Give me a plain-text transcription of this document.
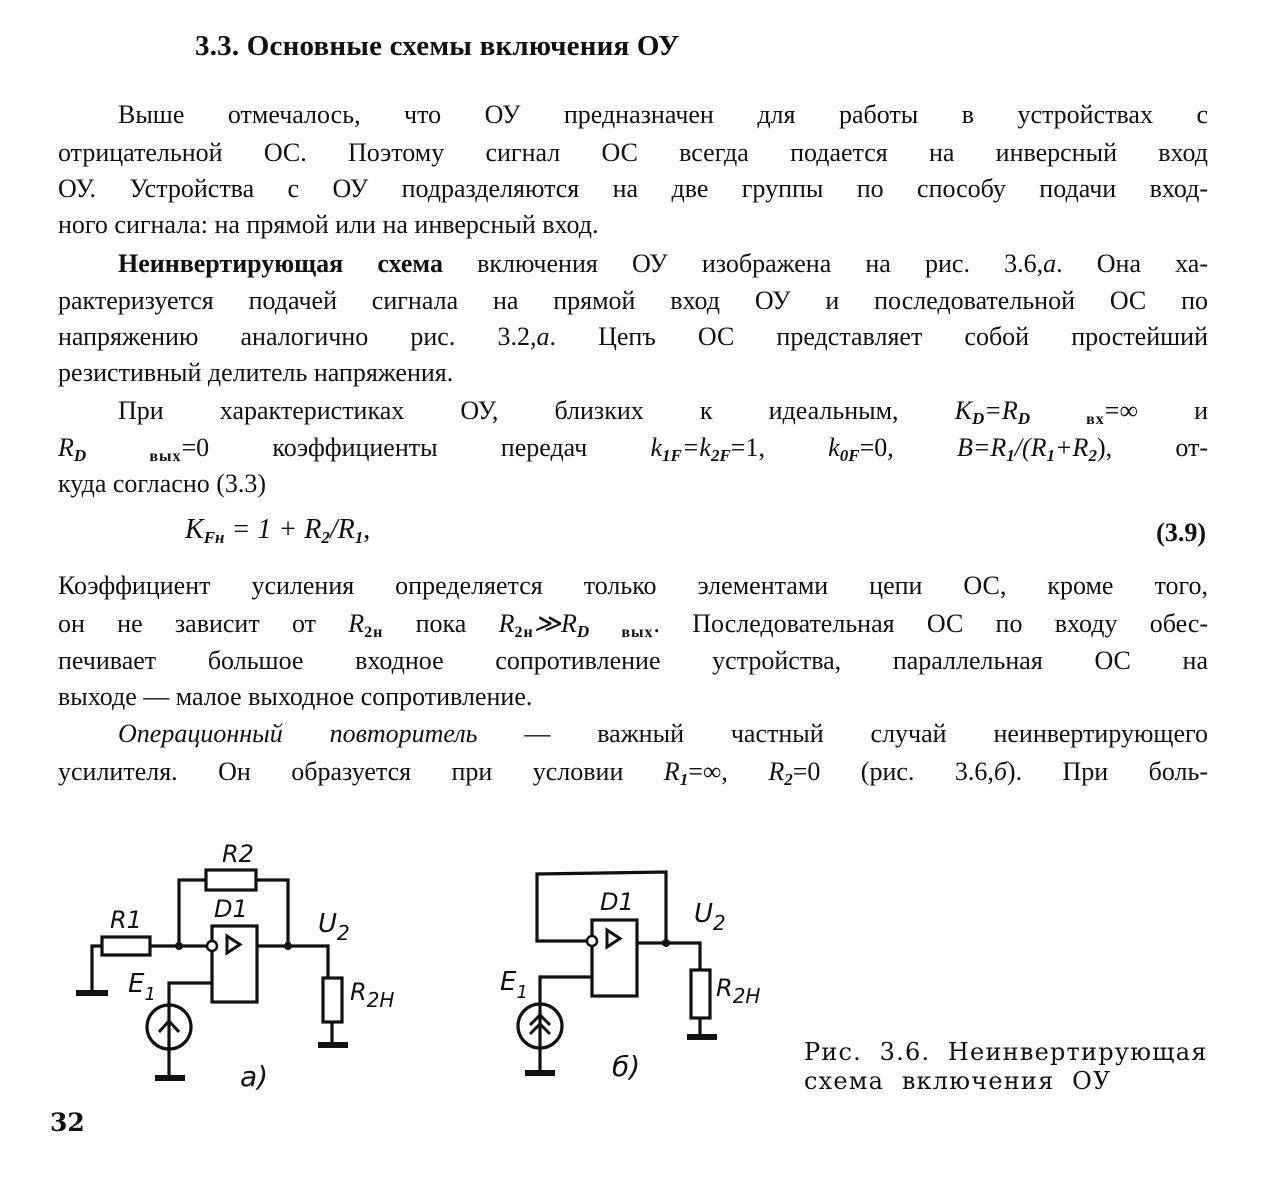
3.3. Основные схемы включения ОУ
Выше отмечалось, что ОУ предназначен для работы в устройствах с
отрицательной ОС. Поэтому сигнал ОС всегда подается на инверсный вход
ОУ. Устройства с ОУ подразделяются на две группы по способу подачи вход-
ного сигнала: на прямой или на инверсный вход.
Неинвертирующая схема включения ОУ изображена на рис. 3.6,а. Она ха-
рактеризуется подачей сигнала на прямой вход ОУ и последовательной ОС по
напряжению аналогично рис. 3.2,а. Цепъ ОС представляет собой простейший
резистивный делитель напряжения.
При характеристиках ОУ, близких к идеальным, $K_D=R_D$	вх=∞ и
$R_D$	вых=0 коэффициенты передач $k_{1F}=k_{2F}=1$, $k_{0F}=0$, $B=R_1/(R_1+R_2)$, от-
куда согласно (3.3)
$K_{Fн} = 1 + R_2/R_1$,	(3.9)
Коэффициент усиления определяется только элементами цепи ОС, кроме того,
он не зависит от R2н пока $R2н≫R_D$ вых. Последовательная ОС по входу обес-
печивает большое входное сопротивление устройства, параллельная ОС на
выходе — малое выходное сопротивление.
Операционный повторитель — важный частный случай неинвертирующего
усилителя. Он образуется при условии $R_1=\infty$, $R_2=0$ (рис. 3.6,б). При боль-
R2
R1	D1	$U_2$
$E_1$	$R_{2H}$
а)
D1 $U_2$
$E_1$	$R_{2H}$
б)	Рис.  3.6.  Неинвертирующая
схема  включения  ОУ
32
